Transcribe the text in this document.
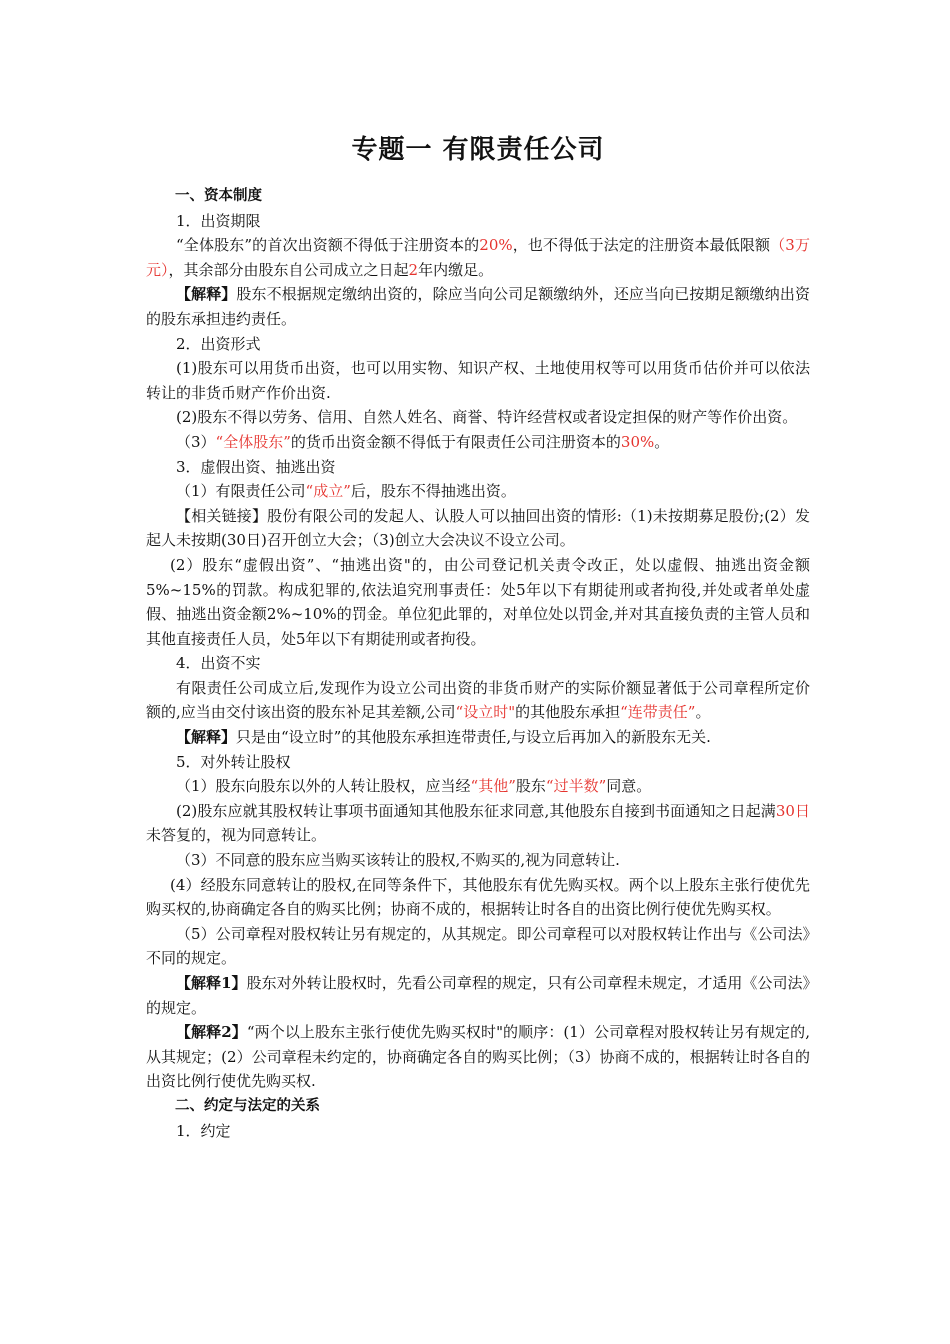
专题一 有限责任公司

一、资本制度

1．出资期限

“全体股东”的首次出资额不得低于注册资本的20%，也不得低于法定的注册资本最低限额（3万元），其余部分由股东自公司成立之日起2年内缴足。

【解释】股东不根据规定缴纳出资的，除应当向公司足额缴纳外，还应当向已按期足额缴纳出资的股东承担违约责任。

2．出资形式

(1)股东可以用货币出资，也可以用实物、知识产权、土地使用权等可以用货币估价并可以依法转让的非货币财产作价出资.

(2)股东不得以劳务、信用、自然人姓名、商誉、特许经营权或者设定担保的财产等作价出资。

（3）“全体股东”的货币出资金额不得低于有限责任公司注册资本的30%。

3．虚假出资、抽逃出资

（1）有限责任公司“成立”后，股东不得抽逃出资。

【相关链接】股份有限公司的发起人、认股人可以抽回出资的情形:（1)未按期募足股份;(2）发起人未按期(30日)召开创立大会；（3)创立大会决议不设立公司。

(2）股东“虚假出资”、“抽逃出资"的，由公司登记机关责令改正，处以虚假、抽逃出资金额5%~15%的罚款。构成犯罪的,依法追究刑事责任：处5年以下有期徒刑或者拘役,并处或者单处虚假、抽逃出资金额2%~10%的罚金。单位犯此罪的，对单位处以罚金,并对其直接负责的主管人员和其他直接责任人员，处5年以下有期徒刑或者拘役。

4．出资不实

有限责任公司成立后,发现作为设立公司出资的非货币财产的实际价额显著低于公司章程所定价额的,应当由交付该出资的股东补足其差额,公司“设立时"的其他股东承担“连带责任”。

【解释】只是由“设立时”的其他股东承担连带责任,与设立后再加入的新股东无关.

5．对外转让股权

（1）股东向股东以外的人转让股权，应当经“其他”股东“过半数”同意。

(2)股东应就其股权转让事项书面通知其他股东征求同意,其他股东自接到书面通知之日起满30日未答复的，视为同意转让。

（3）不同意的股东应当购买该转让的股权,不购买的,视为同意转让.

(4）经股东同意转让的股权,在同等条件下，其他股东有优先购买权。两个以上股东主张行使优先购买权的,协商确定各自的购买比例；协商不成的，根据转让时各自的出资比例行使优先购买权。

（5）公司章程对股权转让另有规定的，从其规定。即公司章程可以对股权转让作出与《公司法》不同的规定。

【解释1】股东对外转让股权时，先看公司章程的规定，只有公司章程未规定，才适用《公司法》的规定。

【解释2】“两个以上股东主张行使优先购买权时"的顺序：(1）公司章程对股权转让另有规定的,从其规定；(2）公司章程未约定的，协商确定各自的购买比例；（3）协商不成的，根据转让时各自的出资比例行使优先购买权.

二、约定与法定的关系

1．约定
